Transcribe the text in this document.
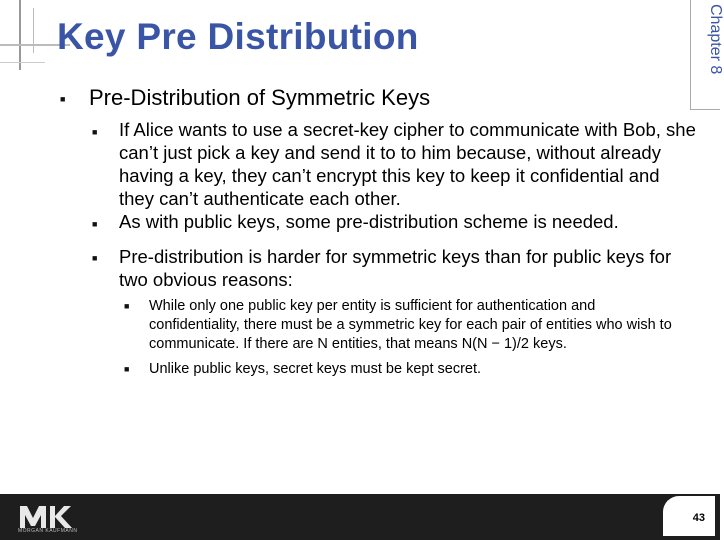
Key Pre Distribution	Chapter 8
■ Pre-Distribution of Symmetric Keys
■ If Alice wants to use a secret-key cipher to communicate with Bob, she can’t just pick a key and send it to to him because, without already having a key, they can’t encrypt this key to keep it confidential and they can’t authenticate each other.
■ As with public keys, some pre-distribution scheme is needed.
■ Pre-distribution is harder for symmetric keys than for public keys for two obvious reasons:
■ While only one public key per entity is sufficient for authentication and confidentiality, there must be a symmetric key for each pair of entities who wish to communicate. If there are N entities, that means N(N − 1)/2 keys.
■ Unlike public keys, secret keys must be kept secret.
MORGAN KAUFMANN
43
